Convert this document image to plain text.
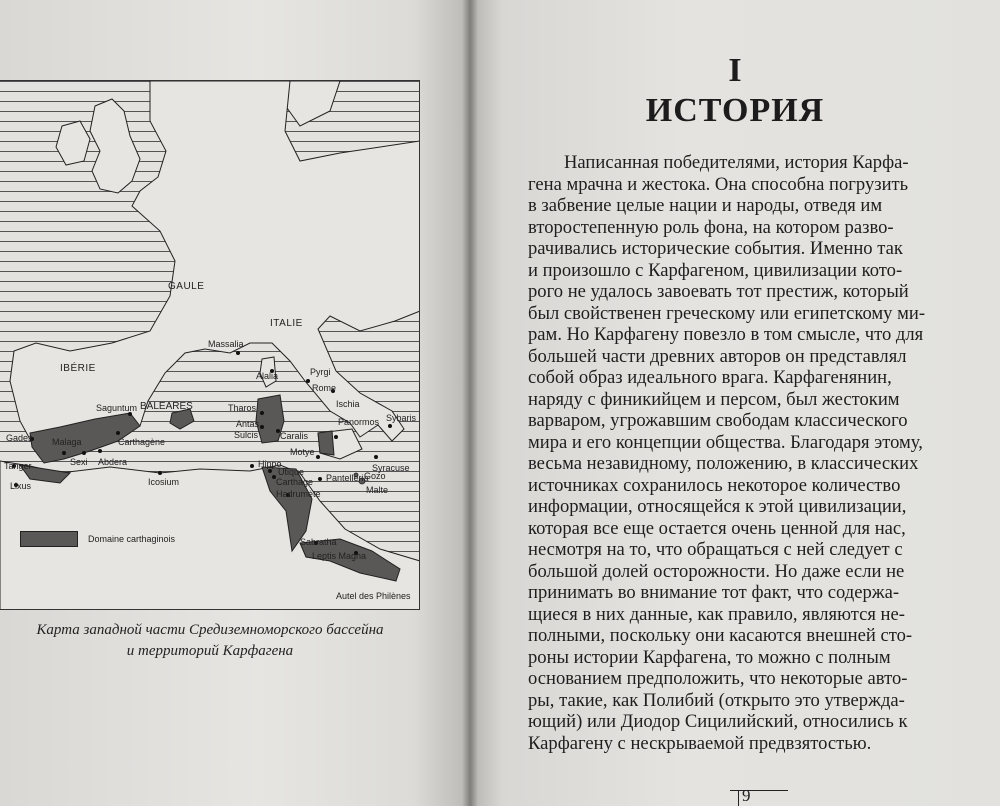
GAULE
ITALIE
IBÉRIE
BALEARES
Massalia
Alalia	Pyrgi
Rome
Ischia
Saguntum	Tharos
Antas
Sulcis Caralis
Panormos Sybaris
Gades Malaga	Carthagène
Motye
Syracuse
Tanger	Sexi Abdera	Hippo
Lixus	Icosium
Utique
Carthage
Hadrumète
Pantelleria
Gozo
Malte
Sabratha
Leptis Magna
Autel des Philènes
Domaine carthaginois
Карта западной части Средиземноморского бассейна
и территорий Карфагена
I
ИСТОРИЯ
Написанная победителями, история Карфа-
гена мрачна и жестока. Она способна погрузить
в забвение целые нации и народы, отведя им
второстепенную роль фона, на котором разво-
рачивались исторические события. Именно так
и произошло с Карфагеном, цивилизации кото-
рого не удалось завоевать тот престиж, который
был свойственен греческому или египетскому ми-
рам. Но Карфагену повезло в том смысле, что для
большей части древних авторов он представлял
собой образ идеального врага. Карфагенянин,
наряду с финикийцем и персом, был жестоким
варваром, угрожавшим свободам классического
мира и его концепции общества. Благодаря этому,
весьма незавидному, положению, в классических
источниках сохранилось некоторое количество
информации, относящейся к этой цивилизации,
которая все еще остается очень ценной для нас,
несмотря на то, что обращаться с ней следует с
большой долей осторожности. Но даже если не
принимать во внимание тот факт, что содержа-
щиеся в них данные, как правило, являются не-
полными, поскольку они касаются внешней сто-
роны истории Карфагена, то можно с полным
основанием предположить, что некоторые авто-
ры, такие, как Полибий (открыто это утвержда-
ющий) или Диодор Сицилийский, относились к
Карфагену с нескрываемой предвзятостью.
9
